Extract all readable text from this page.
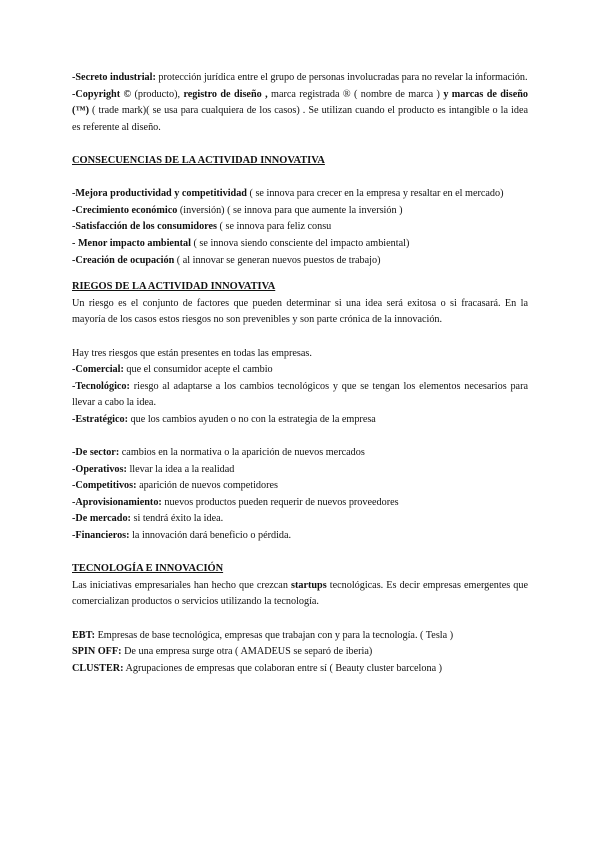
-Secreto industrial: protección jurídica entre el grupo de personas involucradas para no revelar la información.

-Copyright © (producto), registro de diseño , marca registrada ® ( nombre de marca ) y marcas de diseño (™) ( trade mark)( se usa para cualquiera de los casos) . Se utilizan cuando el producto es intangible o la idea es referente al diseño.

CONSECUENCIAS DE LA ACTIVIDAD INNOVATIVA

-Mejora productividad y competitividad ( se innova para crecer en la empresa y resaltar en el mercado)

-Crecimiento económico (inversión) ( se innova para que aumente la inversión )

-Satisfacción de los consumidores ( se innova para feliz consu

- Menor impacto ambiental ( se innova siendo consciente del impacto ambiental)

-Creación de ocupación ( al innovar se generan nuevos puestos de trabajo)

RIEGOS DE LA ACTIVIDAD INNOVATIVA

Un riesgo es el conjunto de factores que pueden determinar si una idea será exitosa o si fracasará. En la mayoría de los casos estos riesgos no son prevenibles y son parte crónica de la innovación.

Hay tres riesgos que están presentes en todas las empresas.

-Comercial: que el consumidor acepte el cambio

-Tecnológico: riesgo al adaptarse a los cambios tecnológicos y que se tengan los elementos necesarios para llevar a cabo la idea.

-Estratégico: que los cambios ayuden o no con la estrategia de la empresa

-De sector: cambios en la normativa o la aparición de nuevos mercados

-Operativos: llevar la idea a la realidad

-Competitivos: aparición de nuevos competidores

-Aprovisionamiento: nuevos productos pueden requerir de nuevos proveedores

-De mercado: si tendrá éxito la idea.

-Financieros: la innovación dará beneficio o pérdida.

TECNOLOGÍA E INNOVACIÓN

Las iniciativas empresariales han hecho que crezcan startups tecnológicas. Es decir empresas emergentes que comercializan productos o servicios utilizando la tecnología.

EBT: Empresas de base tecnológica, empresas que trabajan con y para la tecnología. ( Tesla )

SPIN OFF: De una empresa surge otra ( AMADEUS se separó de iberia)

CLUSTER: Agrupaciones de empresas que colaboran entre sí ( Beauty cluster barcelona )
